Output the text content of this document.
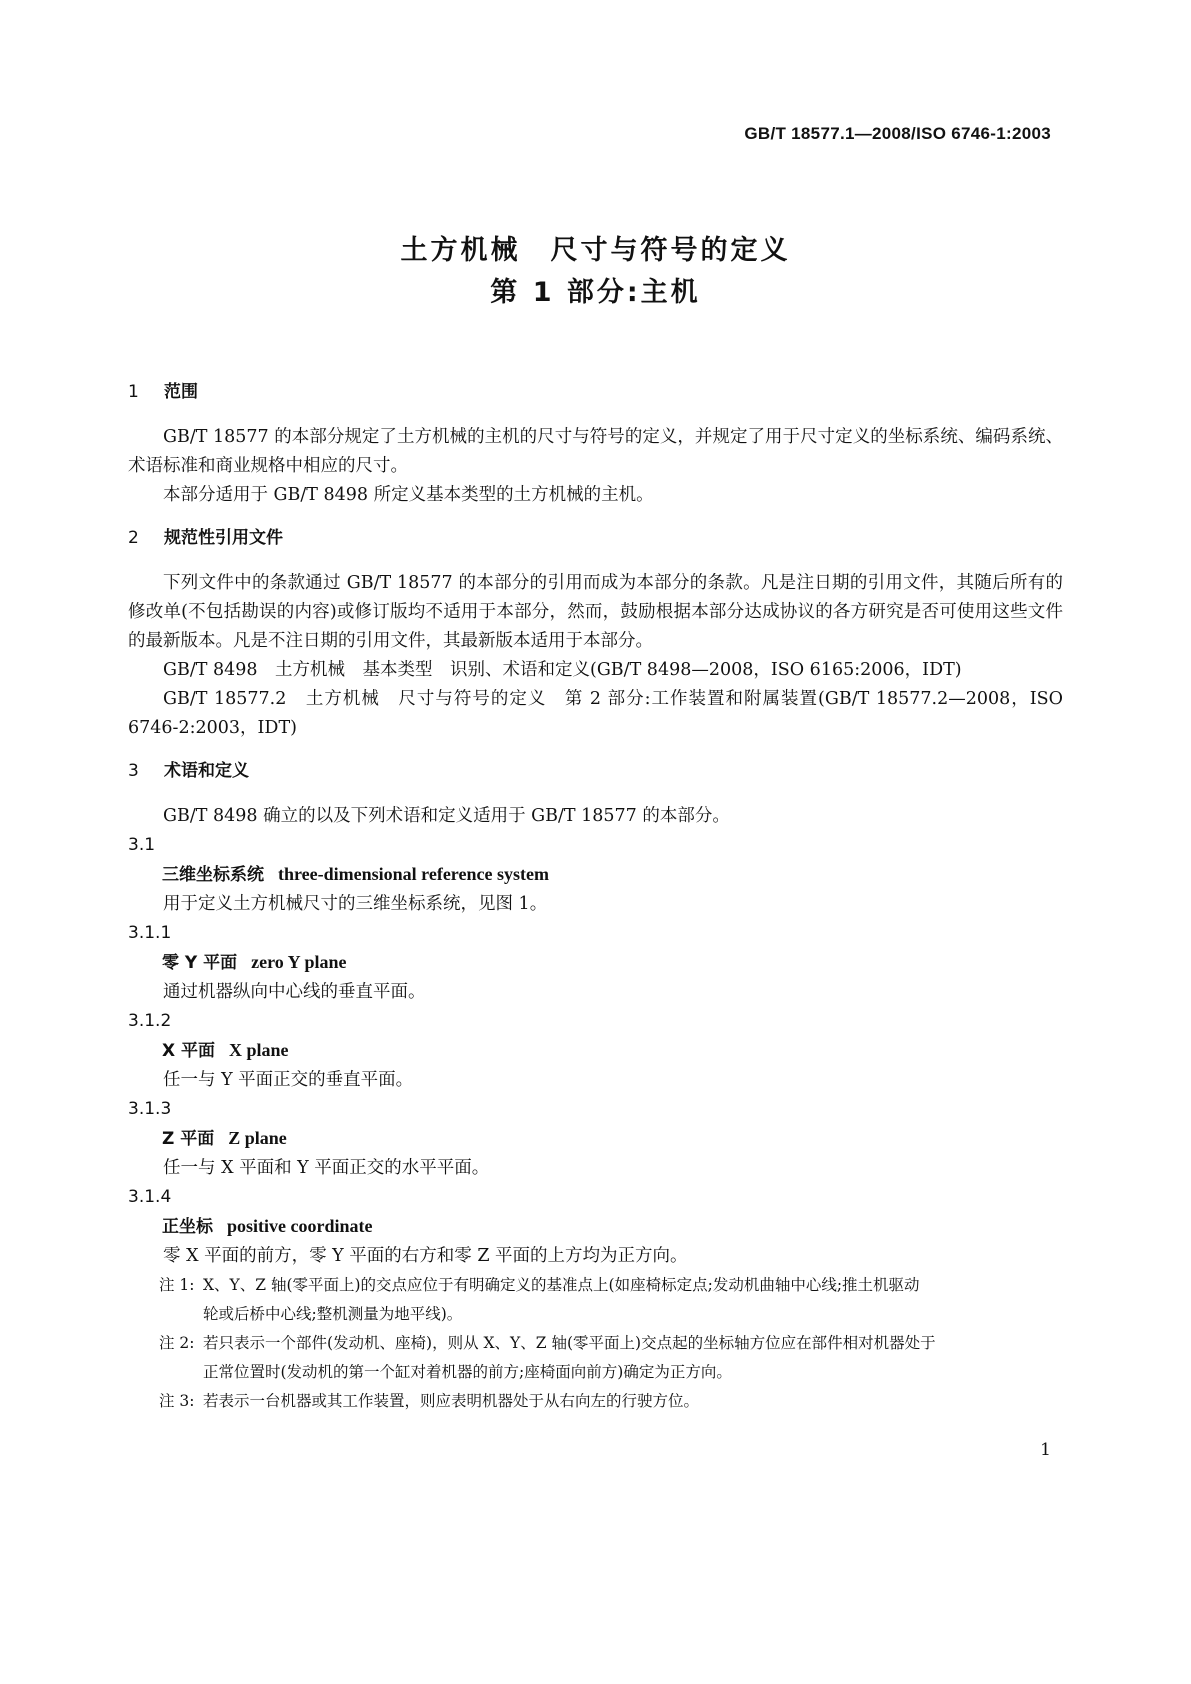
GB/T 18577.1—2008/ISO 6746-1:2003
土方机械　尺寸与符号的定义
第 1 部分:主机

1 范围

GB/T 18577 的本部分规定了土方机械的主机的尺寸与符号的定义，并规定了用于尺寸定义的坐标系统、编码系统、术语标准和商业规格中相应的尺寸。

本部分适用于 GB/T 8498 所定义基本类型的土方机械的主机。

2 规范性引用文件

下列文件中的条款通过 GB/T 18577 的本部分的引用而成为本部分的条款。凡是注日期的引用文件，其随后所有的修改单(不包括勘误的内容)或修订版均不适用于本部分，然而，鼓励根据本部分达成协议的各方研究是否可使用这些文件的最新版本。凡是不注日期的引用文件，其最新版本适用于本部分。

GB/T 8498　土方机械　基本类型　识别、术语和定义(GB/T 8498—2008，ISO 6165:2006，IDT)

GB/T 18577.2　土方机械　尺寸与符号的定义　第 2 部分:工作装置和附属装置(GB/T 18577.2—2008，ISO 6746-2:2003，IDT)

3 术语和定义

GB/T 8498 确立的以及下列术语和定义适用于 GB/T 18577 的本部分。

3.1

三维坐标系统 three-dimensional reference system

用于定义土方机械尺寸的三维坐标系统，见图 1。

3.1.1

零 Y 平面 zero Y plane

通过机器纵向中心线的垂直平面。

3.1.2

X 平面 X plane

任一与 Y 平面正交的垂直平面。

3.1.3

Z 平面 Z plane

任一与 X 平面和 Y 平面正交的水平平面。

3.1.4

正坐标 positive coordinate

零 X 平面的前方，零 Y 平面的右方和零 Z 平面的上方均为正方向。

注 1: X、Y、Z 轴(零平面上)的交点应位于有明确定义的基准点上(如座椅标定点;发动机曲轴中心线;推土机驱动
轮或后桥中心线;整机测量为地平线)。

注 2: 若只表示一个部件(发动机、座椅)，则从 X、Y、Z 轴(零平面上)交点起的坐标轴方位应在部件相对机器处于
正常位置时(发动机的第一个缸对着机器的前方;座椅面向前方)确定为正方向。

注 3: 若表示一台机器或其工作装置，则应表明机器处于从右向左的行驶方位。

1
